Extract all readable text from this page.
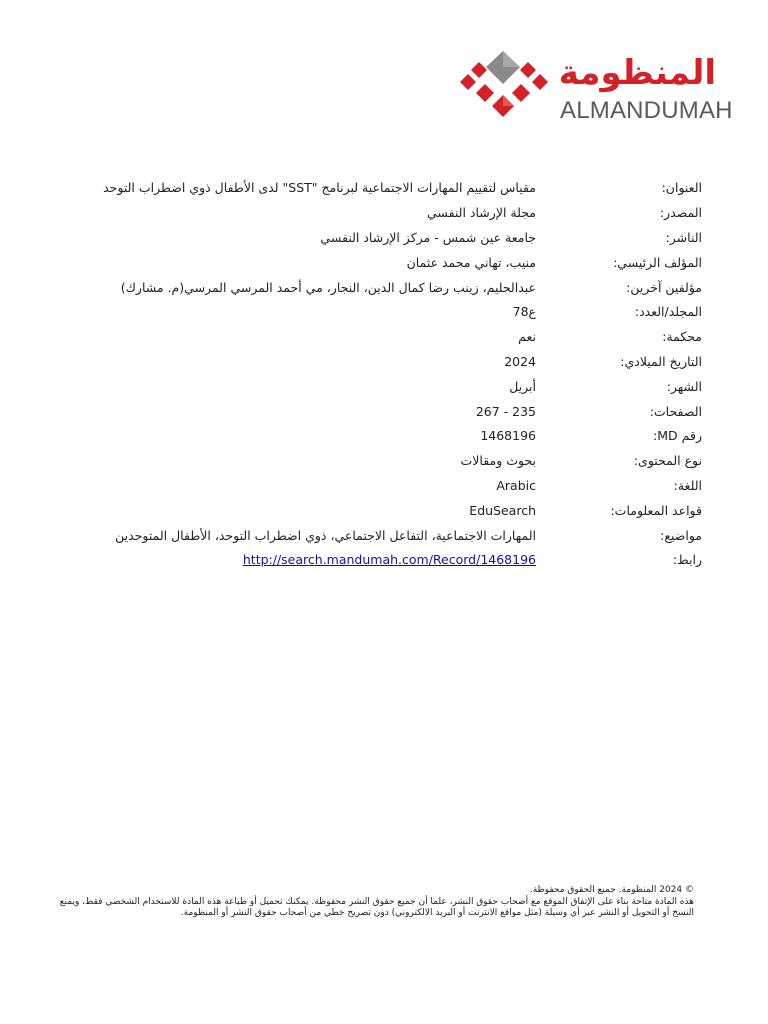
المنظومة
ALMANDUMAH
العنوان:
مقياس لتقييم المهارات الاجتماعية لبرنامج "SST" لدى الأطفال ذوي اضطراب التوحد
المصدر:
مجلة الإرشاد النفسي
الناشر:
جامعة عين شمس - مركز الإرشاد النفسي
المؤلف الرئيسي:
منيب، تهاني محمد عثمان
مؤلفين آخرين:
عبدالحليم، زينب رضا كمال الدين، النجار، مي أحمد المرسي المرسي(م. مشارك)
المجلد/العدد:
ع78
محكمة:
نعم
التاريخ الميلادي:
2024
الشهر:
أبريل
الصفحات:
235 - 267
رقم MD:
1468196
نوع المحتوى:
بحوث ومقالات
اللغة:
Arabic
قواعد المعلومات:
EduSearch
مواضيع:
المهارات الاجتماعية، التفاعل الاجتماعي، ذوي اضطراب التوحد، الأطفال المتوحدين
رابط:
http://search.mandumah.com/Record/1468196

© 2024 المنظومة. جميع الحقوق محفوظة.

هذه المادة متاحة بناء على الإتفاق الموقع مع أصحاب حقوق النشر، علما أن جميع حقوق النشر محفوظة. يمكنك تحميل أو طباعة هذه المادة للاستخدام الشخصي فقط، ويمنع النسخ أو التحويل أو النشر عبر أي وسيلة (مثل مواقع الانترنت أو البريد الالكتروني) دون تصريح خطي من أصحاب حقوق النشر أو المنظومة.
